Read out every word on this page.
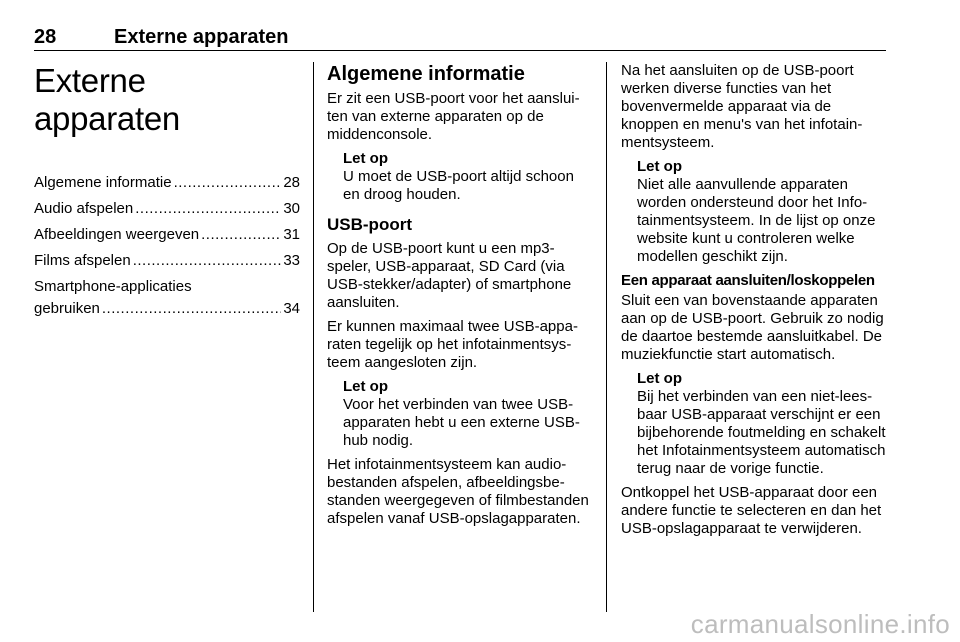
28	Externe apparaten
Externe apparaten
Algemene informatie .....	28
Audio afspelen .....	30
Afbeeldingen weergeven .....	31
Films afspelen .....	33
Smartphone-applicaties
gebruiken .....	34
Algemene informatie

Er zit een USB-poort voor het aansluiten van externe apparaten op de middenconsole.

Let op
U moet de USB-poort altijd schoon en droog houden.
USB-poort

Op de USB-poort kunt u een mp3-speler, USB-apparaat, SD Card (via USB-stekker/adapter) of smartphone aansluiten.

Er kunnen maximaal twee USB-apparaten tegelijk op het infotainmentsysteem aangesloten zijn.

Let op
Voor het verbinden van twee USB-apparaten hebt u een externe USB-hub nodig.

Het infotainmentsysteem kan audiobestanden afspelen, afbeeldingsbestanden weergegeven of filmbestanden afspelen vanaf USB-opslagapparaten.

Na het aansluiten op de USB-poort werken diverse functies van het bovenvermelde apparaat via de knoppen en menu's van het infotainmentsysteem.

Let op
Niet alle aanvullende apparaten worden ondersteund door het Infotainmentsysteem. In de lijst op onze website kunt u controleren welke modellen geschikt zijn.
Een apparaat aansluiten/loskoppelen

Sluit een van bovenstaande apparaten aan op de USB-poort. Gebruik zo nodig de daartoe bestemde aansluitkabel. De muziekfunctie start automatisch.

Let op
Bij het verbinden van een niet-leesbaar USB-apparaat verschijnt er een bijbehorende foutmelding en schakelt het Infotainmentsysteem automatisch terug naar de vorige functie.

Ontkoppel het USB-apparaat door een andere functie te selecteren en dan het USB-opslagapparaat te verwijderen.

carmanualsonline.info
